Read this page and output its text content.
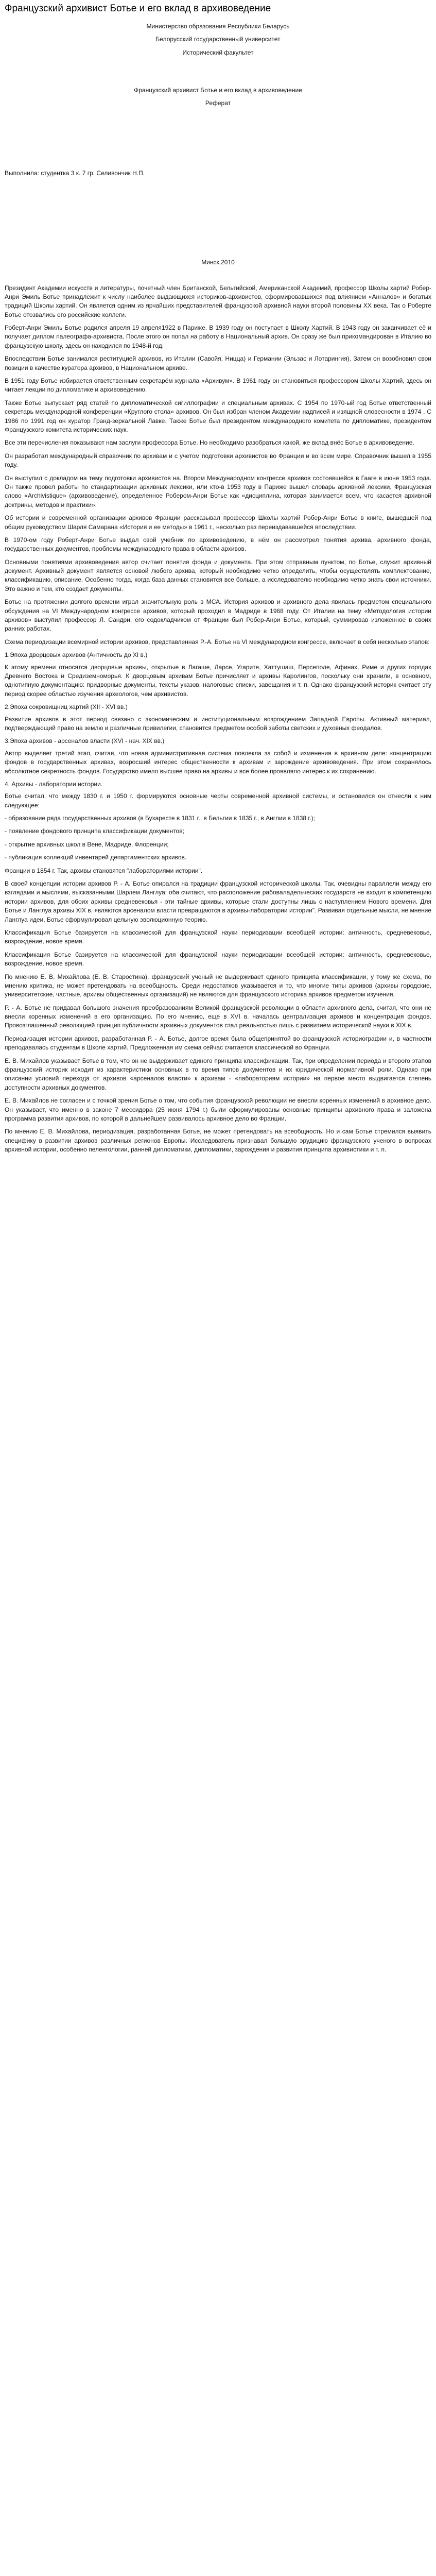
Французский архивист Ботье и его вклад в архивоведение

Министерство образования Республики Беларусь

Белорусский государственный университет

Исторический факультет

Французский архивист Ботье и его вклад в архивоведение

Реферат

Выполнила: студентка 3 к. 7 гр. Селивончик Н.П.

Минск,2010

Президент Академии искусств и литературы, почетный член Британской, Бельгийской, Американской Академий, профессор Школы хартий Робер-Анри Эмиль Ботье принадлежит к числу наиболее выдающихся историков-архивистов, сформировавшихся под влиянием «Анналов» и богатых традиций Школы хартий. Он является одним из ярчайших представителей французской архивной науки второй половины XX века. Так о Роберте Ботье отозвались его российские коллеги.

Роберт-Анри Эмиль Ботье родился апреля 19 апреля1922 в Париже. В 1939 году он поступает в Школу Хартий. В 1943 году он заканчивает её и получает диплом палеографа-архивиста. После этого он попал на работу в Национальный архив. Он сразу же был прикомандирован в Италию во французскую школу, здесь он находился по 1948-й год.

Впоследствии Ботье занимался реституцией архивов, из Италии (Савойя, Ницца) и Германии (Эльзас и Лотарингия). Затем он возобновил свои позиции в качестве куратора архивов, в Национальном архиве.

В 1951 году Ботье избирается ответственным секретарём журнала «Архивум». В 1961 году он становиться профессором Школы Хартий, здесь он читает лекции по дипломатике и архивоведению.

Также Ботье выпускает ряд статей по дипломатической сигиллографии и специальным архивах. С 1954 по 1970-ый год Ботье ответственный секретарь международной конференции «Круглого стола» архивов. Он был избран членом Академии надписей и изящной словесности в 1974 . С 1986 по 1991 год он куратор Гранд-зеркальной Лавке. Также Ботье был президентом международного комитета по дипломатике, президентом Французского комитета исторических наук.

Все эти перечисления показывают нам заслуги профессора Ботье. Но необходимо разобраться какой, же вклад внёс Ботье в архивоведение.

Он разработал международный справочник по архивам и с учетом подготовки архивистов во Франции и во всем мире. Справочник вышел в 1955 году.

Он выступил с докладом на тему подготовки архивистов на. Втором Международном конгрессе архивов состоявшейся в Гааге в июне 1953 года. Он также провел работы по стандартизации архивных лексики, или кто-в 1953 году в Париже вышел словарь архивной лексики, Французская слово «Archivistique» (архивоведение), определенное Робером-Анри Ботье как «дисциплина, которая занимается всем, что касается архивной доктрины, методов и практики».

Об истории и современной организации архивов Франции рассказывал профессор Школы хартий Робер-Анри Ботье в книге, вышедшей под общим руководством Шарля Самарана «История и ее методы» в 1961 г., несколько раз переиздававшейся впоследствии.

В 1970-ом году Роберт-Анри Ботье выдал свой учебник по архивоведению, в нём он рассмотрел понятия архива, архивного фонда, государственных документов, проблемы международного права в области архивов.

Основными понятиями архивоведения автор считает понятия фонда и документа. При этом отправным пунктом, по Ботье, служит архивный документ. Архивный документ является основой любого архива, который необходимо четко определить, чтобы осуществлять комплектование, классификацию, описание. Особенно тогда, когда база данных становится все больше, а исследователю необходимо четко знать свои источники. Это важно и тем, кто создает документы.

Ботье на протяжении долгого времени играл значительную роль в МСА. История архивов и архивного дела явилась предметом специального обсуждения на VI Международном конгрессе архивов, который проходил в Мадриде в 1968 году. От Италии на тему «Методология истории архивов» выступил профессор Л. Сандри, его содокладчиком от Франции был Робер-Анри Ботье, который, суммировав изложенное в своих ранних работах.

Схема периодизации всемирной истории архивов, представленная Р.-А. Ботье на VI международном конгрессе, включает в себя несколько этапов:

1.Эпоха дворцовых архивов (Античность до XI в.)

К этому времени относятся дворцовые архивы, открытые в Лагаше, Ларсе, Угарите, Хаттушаш, Персеполе, Афинах, Риме и других городах Древнего Востока и Средиземноморья. К дворцовым архивам Ботье причисляет и архивы Каролингов, поскольку они хранили, в основном, однотипную документацию: придворные документы, тексты указов, налоговые списки, завещания и т. п. Однако французский историк считает эту период скорее областью изучения археологов, чем архивистов.

2.Эпоха сокровищниц хартий (XII - XVI вв.)

Развитие архивов в этот период связано с экономическим и институциональным возрождением Западной Европы. Активный материал, подтверждающий право на землю и различные привилегии, становится предметом особой заботы светских и духовных феодалов.

3.Эпоха архивов - арсеналов власти (XVI - нач. XIX вв.)

Автор выделяет третий этап, считая, что новая административная система повлекла за собой и изменения в архивном деле: концентрацию фондов в государственных архивах, возросший интерес общественности к архивам и зарождение архивоведения. При этом сохранялось абсолютное секретность фондов. Государство имело высшее право на архивы и все более проявляло интерес к их сохранению.

4. Архивы - лаборатории истории.

Ботье считал, что между 1830 г. и 1950 г. формируются основные черты современной архивной системы, и остановился он отнесли к ним следующее:

- образование ряда государственных архивов (в Бухаресте в 1831 г., в Бельгии в 1835 г., в Англии в 1838 г.);

- появление фондового принципа классификации документов;

- открытие архивных школ в Вене, Мадриде, Флоренции;

- публикация коллекций инвентарей департаментских архивов.

Франции в 1854 г. Так, архивы становятся "лабораториями истории".

В своей концепции истории архивов Р. - А. Ботье опирался на традиции французской исторической школы. Так, очевидны параллели между его взглядами и мыслями, высказанными Шарлем Ланглуа: оба считают, что расположение рабоваладельческих государств не входит в компетенцию истории архивов, для обоих архивы средневековья - эти тайные архивы, которые стали доступны лишь с наступлением Нового времени. Для Ботье и Ланглуа архивы XIX в. являются арсеналом власти превращаются в архивы-лаборатории истории". Развивая отдельные мысли, не мнение Ланглуа идеи, Ботье сформулировал цельную эволюционную теорию.

Классификация Ботье базируется на классической для французской науки периодизации всеобщей истории: античность, средневековье, возрождение, новое время.

Классификация Ботье базируется на классической для французской науки периодизации всеобщей истории: античность, средневековье, возрождение, новое время.

По мнению Е. В. Михайлова (Е. В. Старостина), французский ученый не выдерживает единого принципа классификации, у тому же схема, по мнению критика, не может претендовать на всеобщность. Среди недостатков указывается и то, что многие типы архивов (архивы городские, университетские, частные, архивы общественных организаций) не являются для французского историка архивов предметом изучения.

Р. - А. Ботье не придавал большого значения преобразованиям Великой французской революции в области архивного дела, считая, что они не внесли коренных изменений в его организацию. По его мнению, еще в XVI в. началась централизация архивов и концентрация фондов. Провозглашенный революцией принцип публичности архивных документов стал реальностью лишь с развитием исторической науки в XIX в.

Периодизация истории архивов, разработанная Р. - А. Ботье, долгое время была общепринятой во французской историографии и, в частности преподавалась студентам в Школе хартий. Предложенная им схема сейчас считается классической во Франции.

Е. В. Михайлов указывает Ботье в том, что он не выдерживает единого принципа классификации. Так, при определении периода и второго этапов французский историк исходит из характеристики основных в то время типов документов и их юридической нормативной роли. Однако при описании условий перехода от архивов «арсеналов власти» к архивам - «лабораториям истории» на первое место выдвигается степень доступности архивных документов.

Е. В. Михайлов не согласен и с точкой зрения Ботье о том, что события французской революции не внесли коренных изменений в архивное дело. Он указывает, что именно в законе 7 мессидора (25 июня 1794 г.) были сформулированы основные принципы архивного права и заложена программа развития архивов, по которой в дальнейшем развивалось архивное дело во Франции.

По мнению Е. В. Михайлова, периодизация, разработанная Ботье, не может претендовать на всеобщность. Но и сам Ботье стремился выявить специфику в развитии архивов различных регионов Европы. Исследователь признавал большую эрудицию французского ученого в вопросах архивной истории, особенно пеленгологии, ранней дипломатики, дипломатики, зарождения и развития принципа архивистики и т. п.
